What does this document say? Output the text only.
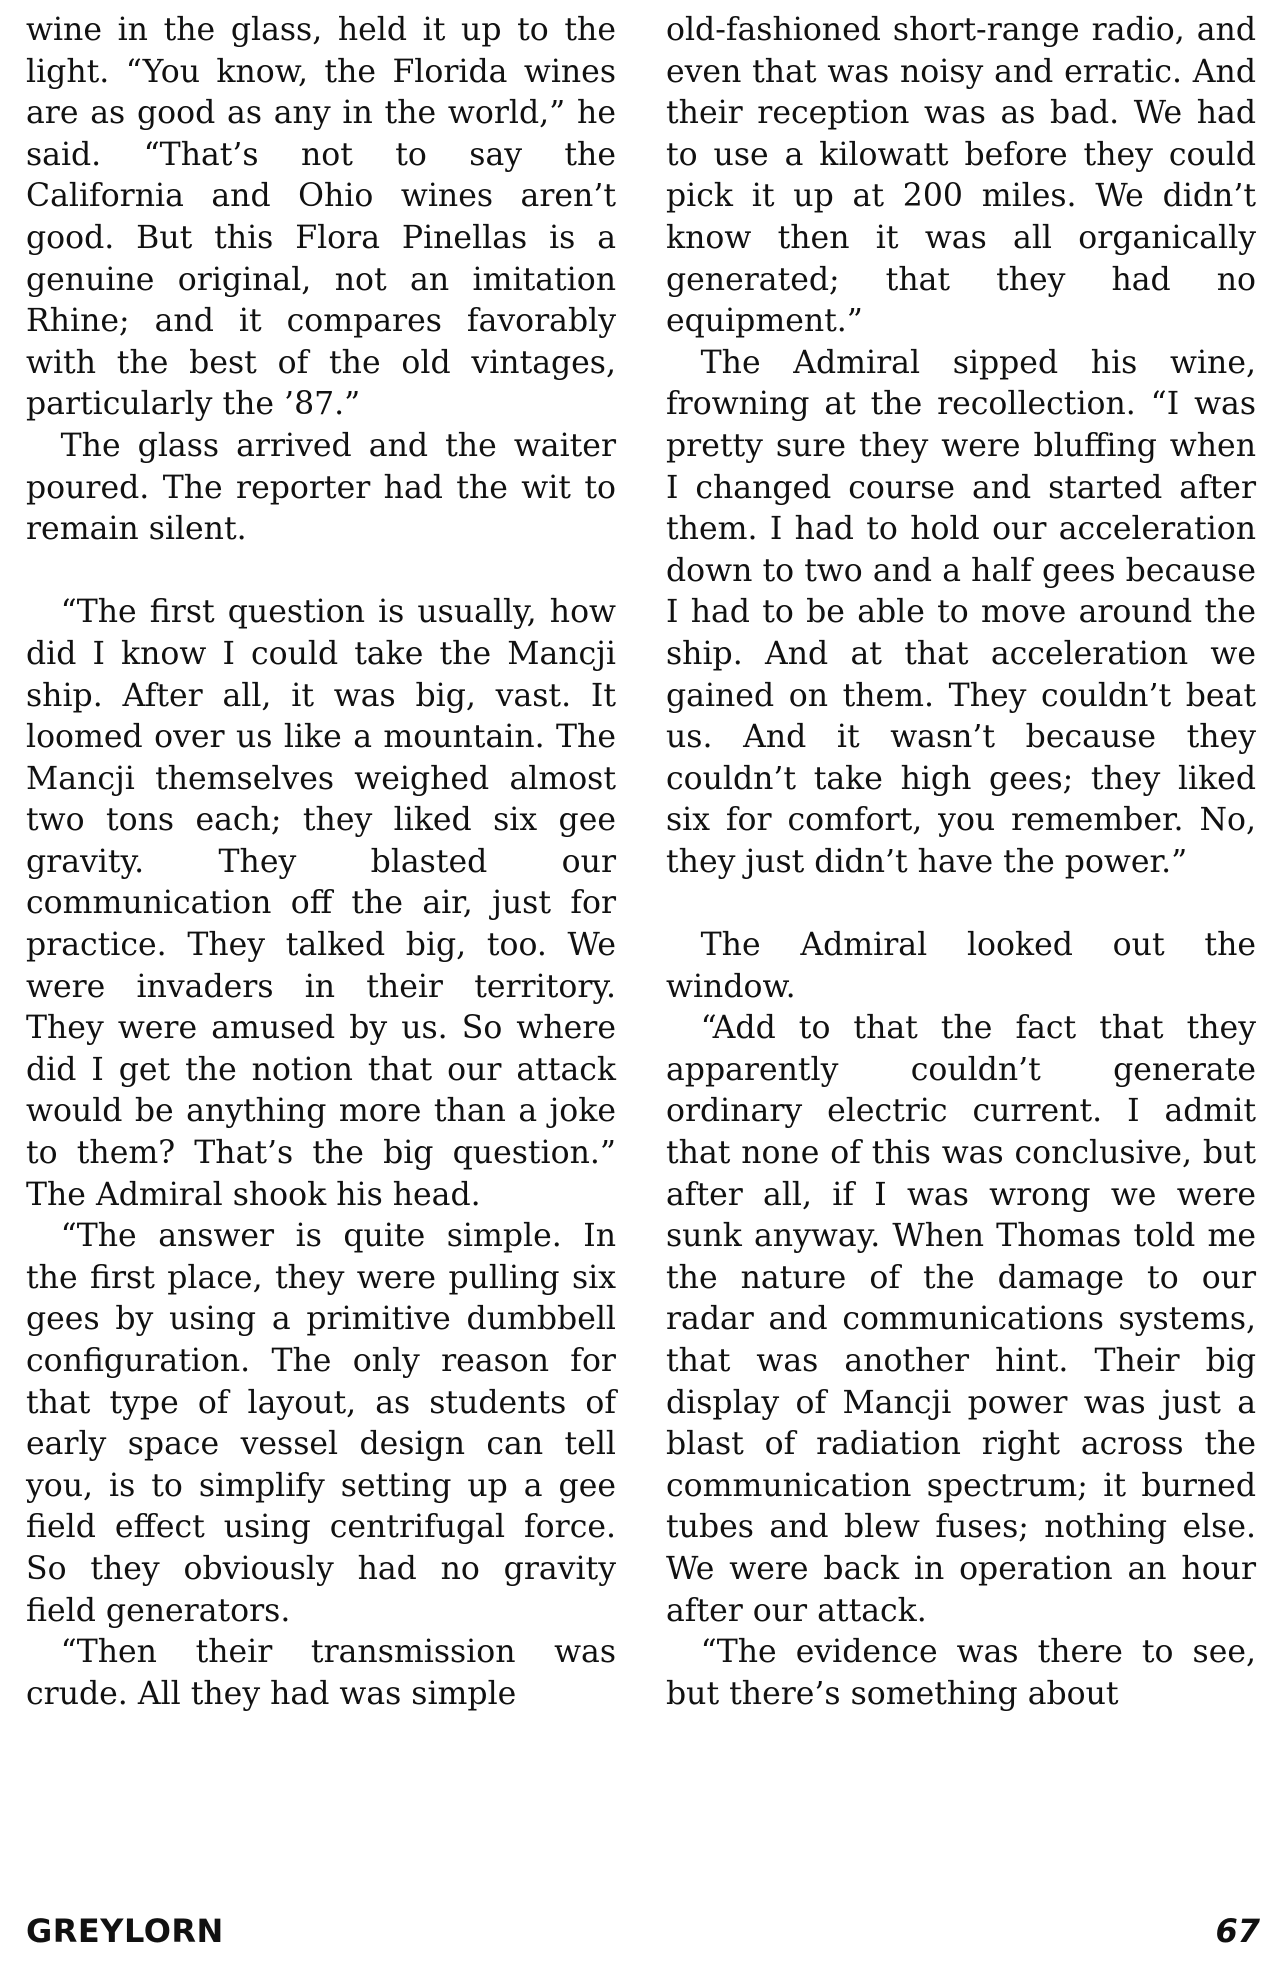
wine in the glass, held it up to the light. “You know, the Florida wines are as good as any in the world,” he said. “That’s not to say the California and Ohio wines aren’t good. But this Flora Pinellas is a genuine original, not an imitation Rhine; and it compares favorably with the best of the old vintages, particularly the ’87.”

The glass arrived and the waiter poured. The reporter had the wit to remain silent.

“The first question is usually, how did I know I could take the Mancji ship. After all, it was big, vast. It loomed over us like a mountain. The Mancji themselves weighed almost two tons each; they liked six gee gravity. They blasted our communication off the air, just for practice. They talked big, too. We were invaders in their territory. They were amused by us. So where did I get the notion that our attack would be anything more than a joke to them? That’s the big question.” The Admiral shook his head.

“The answer is quite simple. In the first place, they were pulling six gees by using a primitive dumbbell configuration. The only reason for that type of layout, as students of early space vessel design can tell you, is to simplify setting up a gee field effect using centrifugal force. So they obviously had no gravity field generators.

“Then their transmission was crude. All they had was simple

old-fashioned short-range radio, and even that was noisy and erratic. And their reception was as bad. We had to use a kilowatt before they could pick it up at 200 miles. We didn’t know then it was all organically generated; that they had no equipment.”

The Admiral sipped his wine, frowning at the recollection. “I was pretty sure they were bluffing when I changed course and started after them. I had to hold our acceleration down to two and a half gees because I had to be able to move around the ship. And at that acceleration we gained on them. They couldn’t beat us. And it wasn’t because they couldn’t take high gees; they liked six for comfort, you remember. No, they just didn’t have the power.”

The Admiral looked out the window.

“Add to that the fact that they apparently couldn’t generate ordinary electric current. I admit that none of this was conclusive, but after all, if I was wrong we were sunk anyway. When Thomas told me the nature of the damage to our radar and communications systems, that was another hint. Their big display of Mancji power was just a blast of radiation right across the communication spectrum; it burned tubes and blew fuses; nothing else. We were back in operation an hour after our attack.

“The evidence was there to see, but there’s something about

GREYLORN	67
